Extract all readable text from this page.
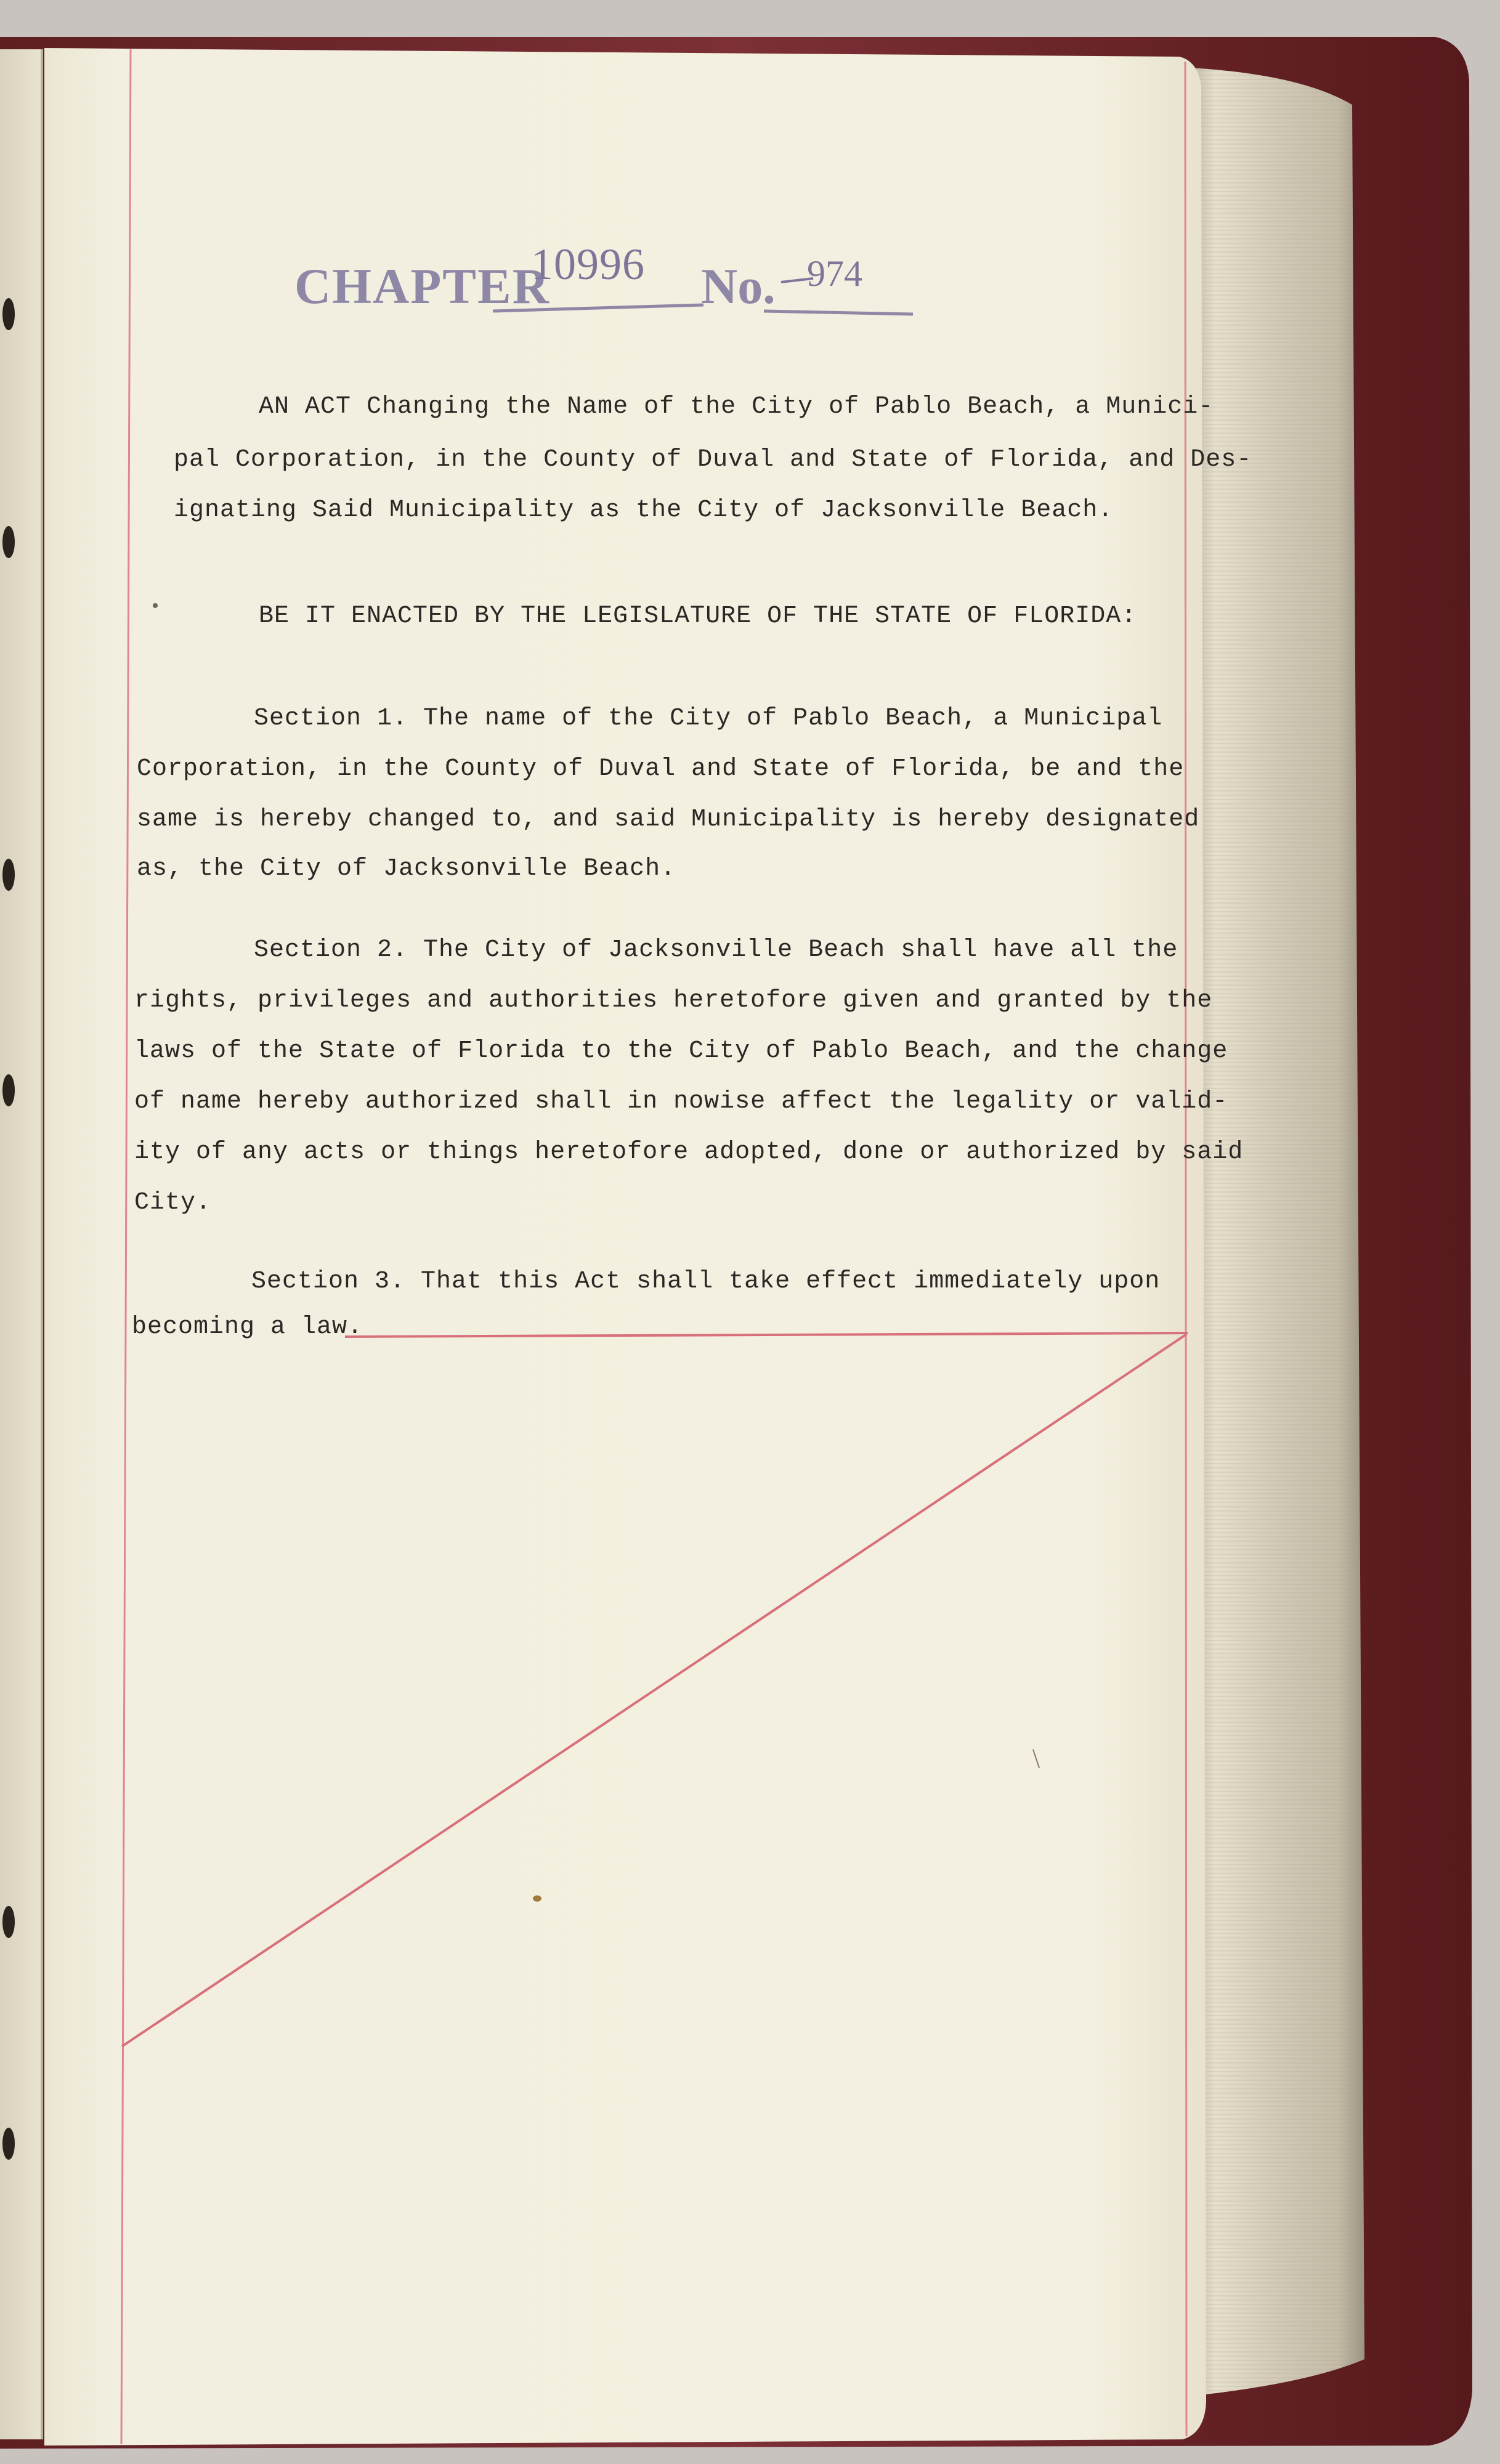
CHAPTER

10996 No. 974

AN ACT Changing the Name of the City of Pablo Beach, a Munici-

pal Corporation, in the County of Duval and State of Florida, and Des-

ignating Said Municipality as the City of Jacksonville Beach.

BE IT ENACTED BY THE LEGISLATURE OF THE STATE OF FLORIDA:

Section 1. The name of the City of Pablo Beach, a Municipal

Corporation, in the County of Duval and State of Florida, be and the

same is hereby changed to, and said Municipality is hereby designated

as, the City of Jacksonville Beach.

Section 2. The City of Jacksonville Beach shall have all the

rights, privileges and authorities heretofore given and granted by the

laws of the State of Florida to the City of Pablo Beach, and the change

of name hereby authorized shall in nowise affect the legality or valid-

ity of any acts or things heretofore adopted, done or authorized by said

City.

Section 3. That this Act shall take effect immediately upon

becoming a law.
